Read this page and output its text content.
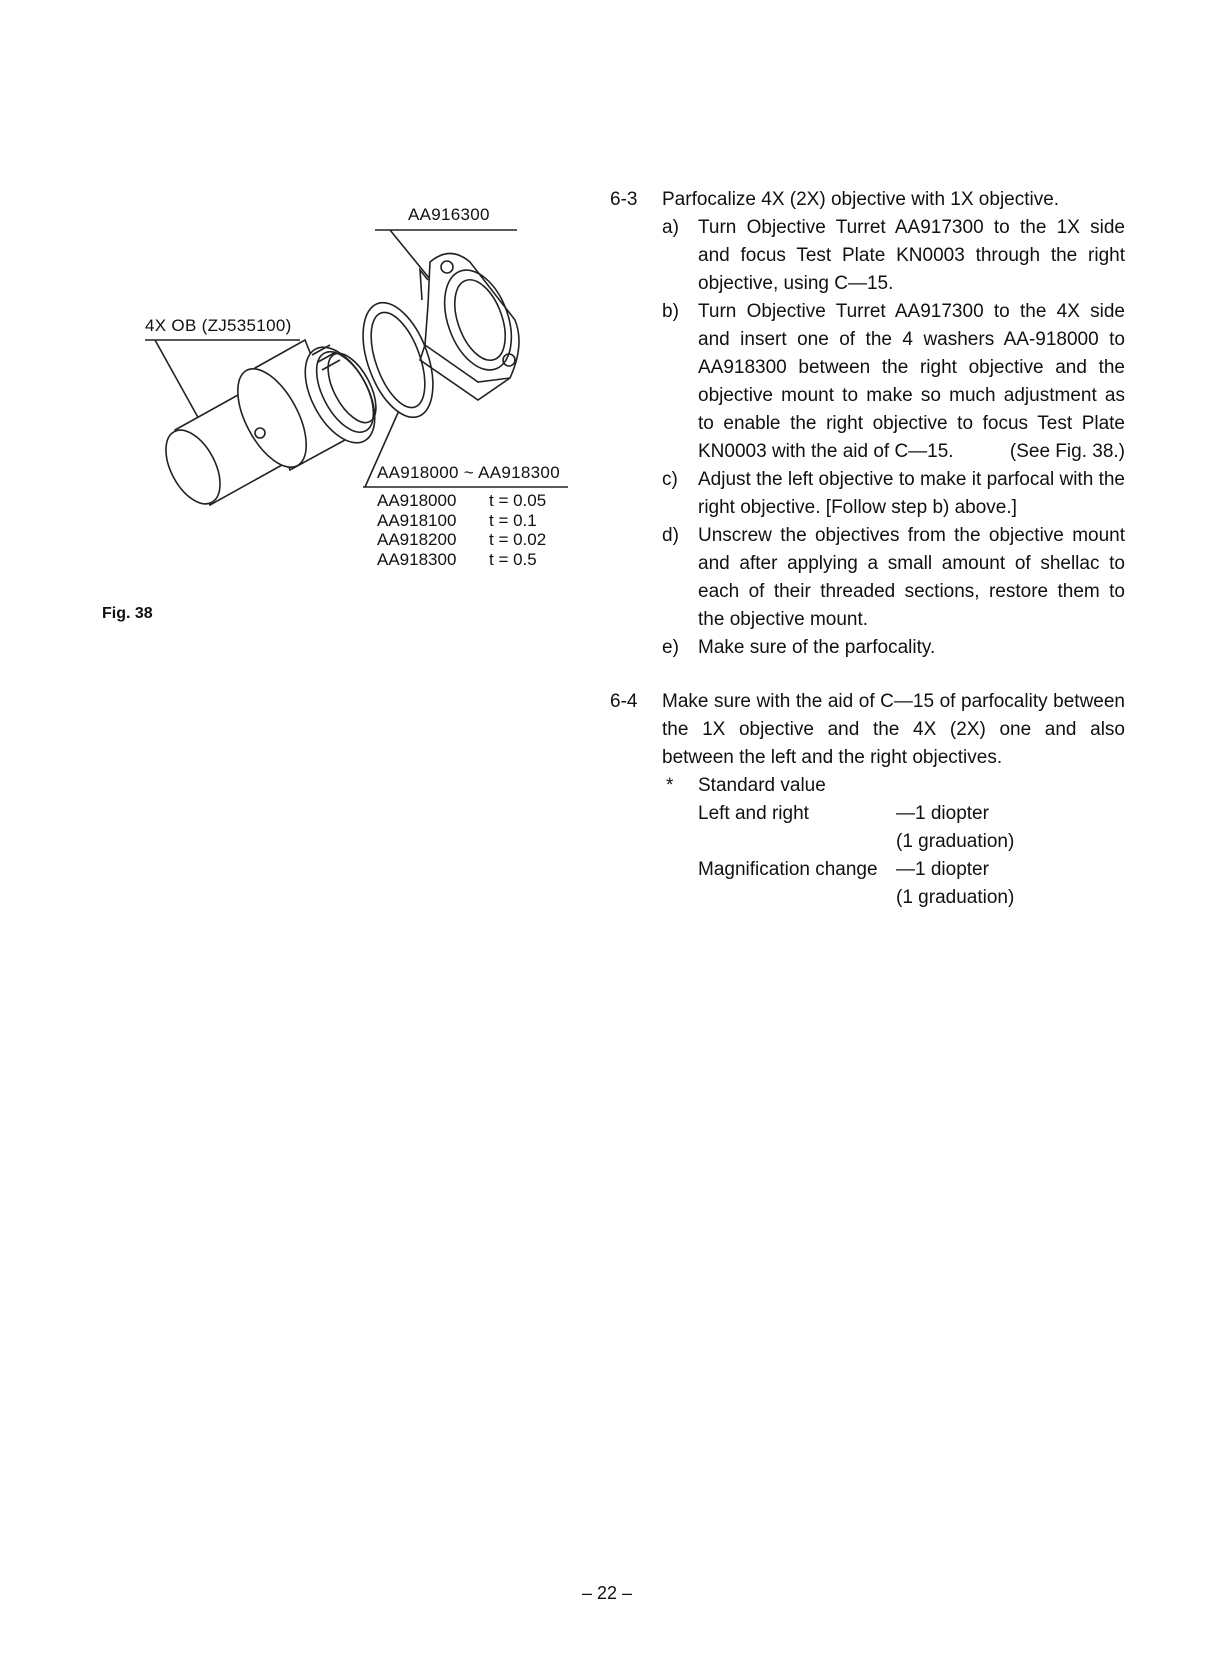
AA916300
4X OB (ZJ535100)
AA918000 ~ AA918300
AA918000	t = 0.05
AA918100	t = 0.1
AA918200	t = 0.02
AA918300	t = 0.5
Fig. 38
6-3 Parfocalize 4X (2X) objective with 1X objective.
a) Turn Objective Turret AA917300 to the 1X side and focus Test Plate KN0003 through the right objective, using C—15.
b) Turn Objective Turret AA917300 to the 4X side and insert one of the 4 washers AA-918000 to AA918300 between the right objective and the objective mount to make so much adjustment as to enable the right objective to focus Test Plate KN0003 with the aid of C—15.	(See Fig. 38.)
c) Adjust the left objective to make it parfocal with the right objective. [Follow step b) above.]
d) Unscrew the objectives from the objective mount and after applying a small amount of shellac to each of their threaded sections, restore them to the objective mount.
e) Make sure of the parfocality.
6-4 Make sure with the aid of C—15 of parfocality between the 1X objective and the 4X (2X) one and also between the left and the right objectives.
* Standard value
Left and right	—1 diopter
(1 graduation)
Magnification change —1 diopter
(1 graduation)
– 22 –
